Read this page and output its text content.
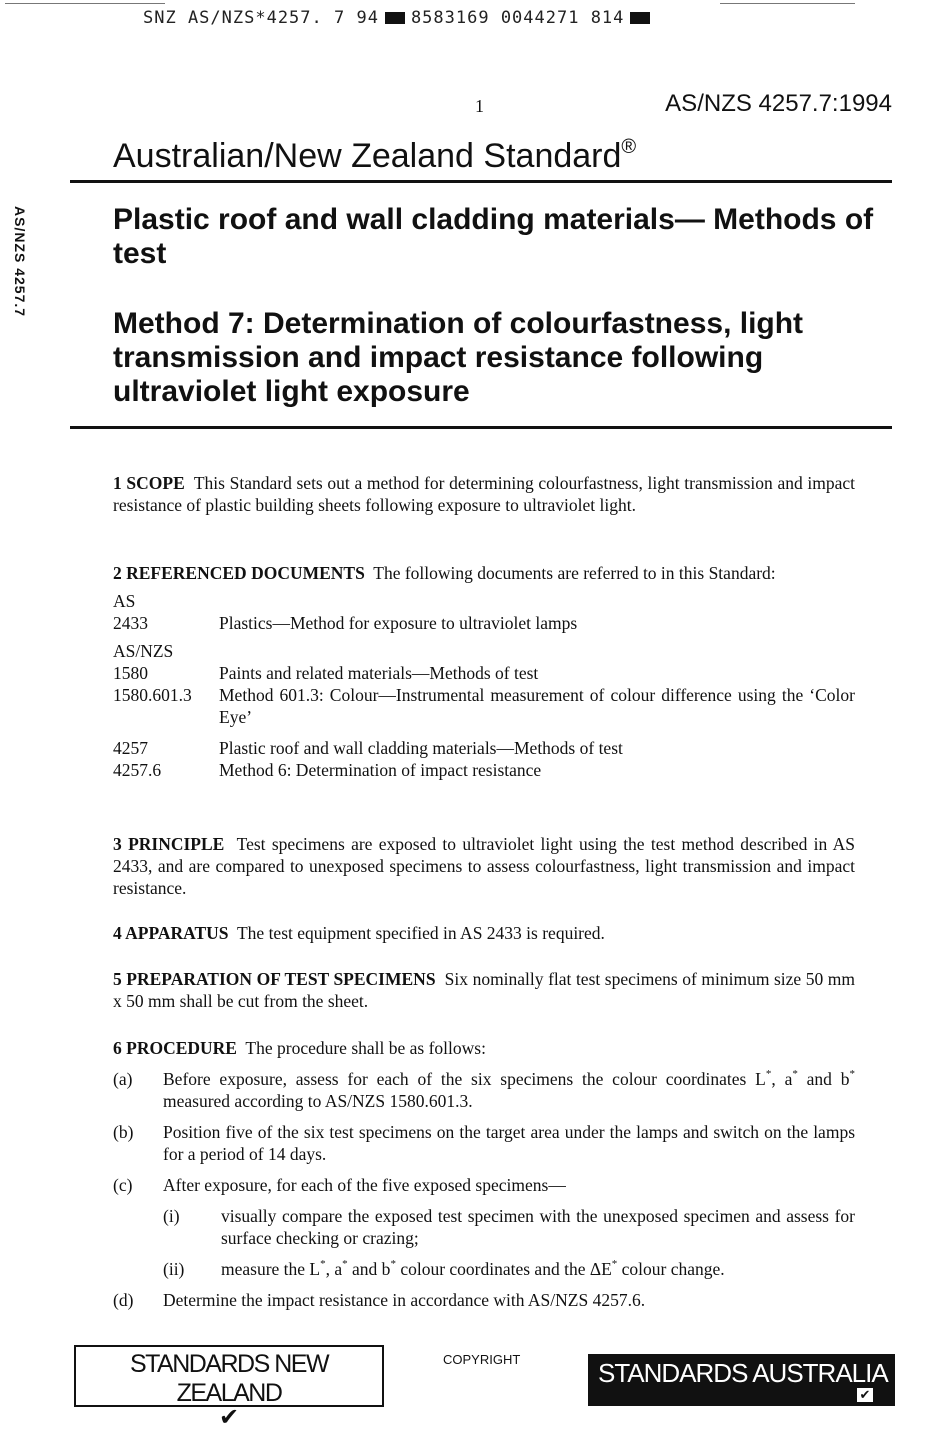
SNZ AS/NZS*4257. 7 94 8583169 0044271 814
1	AS/NZS 4257.7:1994
Australian/New Zealand Standard®
AS/NZS 4257.7	Plastic roof and wall cladding materials— Methods of test
Method 7: Determination of colourfastness, light transmission and impact resistance following ultraviolet light exposure
1 SCOPE This Standard sets out a method for determining colourfastness, light transmission and impact resistance of plastic building sheets following exposure to ultraviolet light.
2 REFERENCED DOCUMENTS The following documents are referred to in this Standard:
AS
2433	Plastics—Method for exposure to ultraviolet lamps
AS/NZS
1580	Paints and related materials—Methods of test
1580.601.3	Method 601.3: Colour—Instrumental measurement of colour difference using the ‘Color Eye’
4257	Plastic roof and wall cladding materials—Methods of test
4257.6	Method 6: Determination of impact resistance
3 PRINCIPLE Test specimens are exposed to ultraviolet light using the test method described in AS 2433, and are compared to unexposed specimens to assess colourfastness, light transmission and impact resistance.
4 APPARATUS The test equipment specified in AS 2433 is required.
5 PREPARATION OF TEST SPECIMENS Six nominally flat test specimens of minimum size 50 mm x 50 mm shall be cut from the sheet.
6 PROCEDURE The procedure shall be as follows:
(a)	Before exposure, assess for each of the six specimens the colour coordinates L*, a* and b* measured according to AS/NZS 1580.601.3.
(b)	Position five of the six test specimens on the target area under the lamps and switch on the lamps for a period of 14 days.
(c)	After exposure, for each of the five exposed specimens—
(i)	visually compare the exposed test specimen with the unexposed specimen and assess for surface checking or crazing;
(ii)	measure the L*, a* and b* colour coordinates and the ΔE* colour change.
(d)	Determine the impact resistance in accordance with AS/NZS 4257.6.
STANDARDS NEW ZEALAND
✔
COPYRIGHT	STANDARDS AUSTRALIA
✔
